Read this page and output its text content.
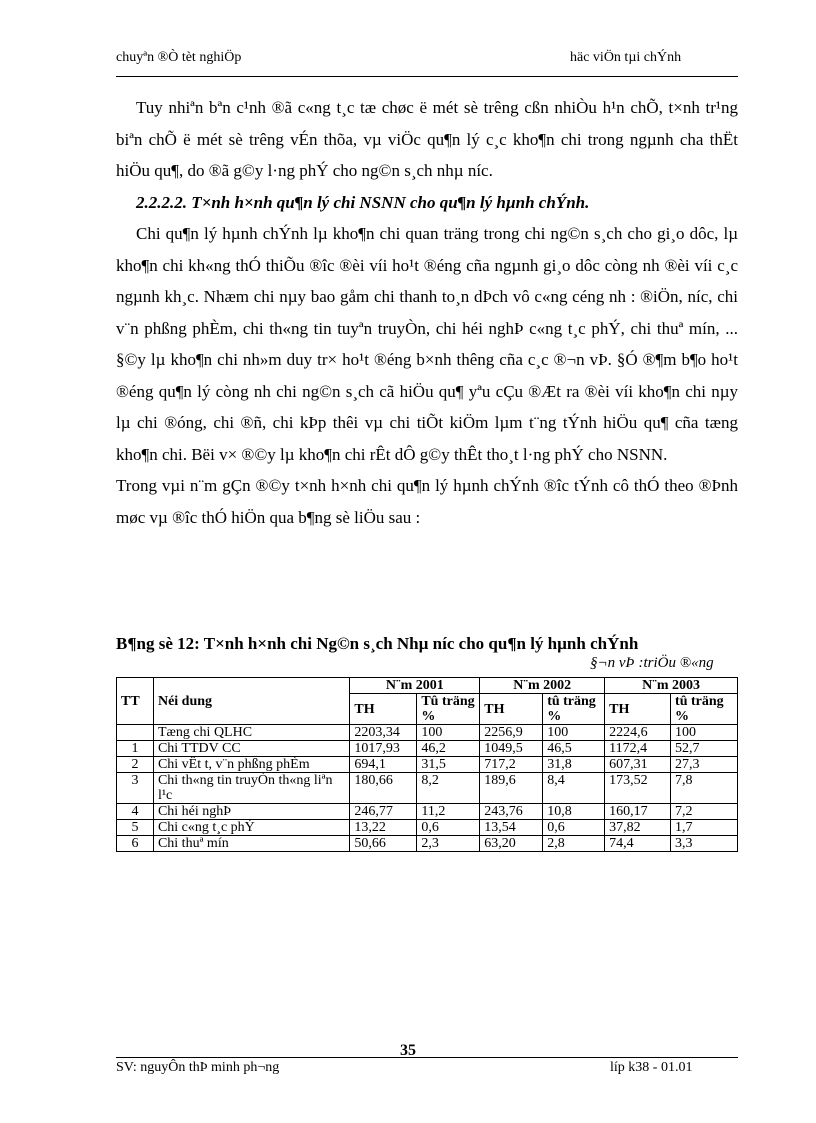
chuyªn ®Ò tèt nghiÖp	häc viÖn tµi chÝnh

Tuy nhiªn bªn c¹nh ®ã c«ng t¸c tæ chøc ë mét sè trêng cßn nhiÒu h¹n chÕ, t×nh tr¹ng biªn chÕ ë mét sè trêng vÉn thõa, vµ viÖc qu¶n lý c¸c kho¶n chi trong ngµnh cha thËt hiÖu qu¶, do ®ã g©y l·ng phÝ cho ng©n s¸ch nhµ níc.

2.2.2.2. T×nh h×nh qu¶n lý chi NSNN cho qu¶n lý hµnh chÝnh.

Chi qu¶n lý hµnh chÝnh lµ kho¶n chi quan träng trong chi ng©n s¸ch cho gi¸o dôc, lµ kho¶n chi kh«ng thÓ thiÕu ®îc ®èi víi ho¹t ®éng cña ngµnh gi¸o dôc còng nh ®èi víi c¸c ngµnh kh¸c. Nhæm chi nµy bao gåm chi thanh to¸n dÞch vô c«ng céng nh : ®iÖn, níc, chi v¨n phßng phÈm, chi th«ng tin tuyªn truyÒn, chi héi nghÞ c«ng t¸c phÝ, chi thuª mín, ... §©y lµ kho¶n chi nh»m duy tr× ho¹t ®éng b×nh thêng cña c¸c ®¬n vÞ. §Ó ®¶m b¶o ho¹t ®éng qu¶n lý còng nh chi ng©n s¸ch cã hiÖu qu¶ yªu cÇu ®Æt ra ®èi víi kho¶n chi nµy lµ chi ®óng, chi ®ñ, chi kÞp thêi vµ chi tiÕt kiÖm lµm t¨ng tÝnh hiÖu qu¶ cña tæng kho¶n chi. Bëi v× ®©y lµ kho¶n chi rÊt dÔ g©y thÊt tho¸t l·ng phÝ cho NSNN.

Trong vµi n¨m gÇn ®©y t×nh h×nh chi qu¶n lý hµnh chÝnh ®îc tÝnh cô thÓ theo ®Þnh møc vµ ®îc thÓ hiÖn qua b¶ng sè liÖu sau :

B¶ng sè 12: T×nh h×nh chi Ng©n s¸ch Nhµ níc cho qu¶n lý hµnh chÝnh
§¬n vÞ :triÖu ®«ng
TT	Néi dung	N¨m 2001		N¨m 2002		N¨m 2003	
		TH	Tû träng %	TH	tû träng %	TH	tû träng %
	Tæng chi QLHC	2203,34	100	2256,9	100	2224,6	100
1	Chi TTDV CC	1017,93	46,2	1049,5	46,5	1172,4	52,7
2	Chi vËt t, v¨n phßng phÈm	694,1	31,5	717,2	31,8	607,31	27,3
3	Chi th«ng tin truyÒn th«ng liªn l¹c	180,66	8,2	189,6	8,4	173,52	7,8
4	Chi héi nghÞ	246,77	11,2	243,76	10,8	160,17	7,2
5	Chi c«ng t¸c phÝ	13,22	0,6	13,54	0,6	37,82	1,7
6	Chi thuª mín	50,66	2,3	63,20	2,8	74,4	3,3
35
SV: nguyÔn thÞ minh ph¬ng	líp k38 - 01.01
